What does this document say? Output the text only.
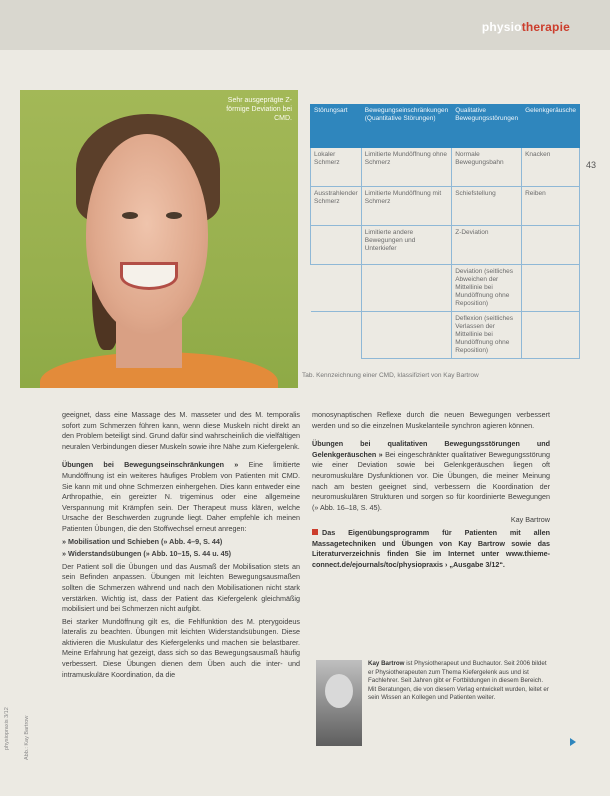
physiotherapie
Sehr ausgeprägte Z-förmige Deviation bei CMD.
43
Störungsart	Bewegungseinschränkungen (Quantitative Störungen)	Qualitative Bewegungsstörungen	Gelenkgeräusche
Lokaler Schmerz	Limitierte Mundöffnung ohne Schmerz	Normale Bewegungsbahn	Knacken
Ausstrahlender Schmerz	Limitierte Mundöffnung mit Schmerz	Schiefstellung	Reiben
	Limitierte andere Bewegungen und Unterkiefer	Z-Deviation	
		Deviation (seitliches Abweichen der Mittellinie bei Mundöffnung ohne Reposition)	
		Deflexion (seitliches Verlassen der Mittellinie bei Mundöffnung ohne Reposition)	
Tab. Kennzeichnung einer CMD, klassifiziert von Kay Bartrow

geeignet, dass eine Massage des M. masseter und des M. temporalis sofort zum Schmerzen führen kann, wenn diese Muskeln nicht direkt an den Problem beteiligt sind. Grund dafür sind wahrscheinlich die vielfältigen neuralen Verbindungen dieser Muskeln sowie ihre Nähe zum Kiefergelenk.

Übungen bei Bewegungseinschränkungen » Eine limitierte Mundöffnung ist ein weiteres häufiges Problem von Patienten mit CMD. Sie kann mit und ohne Schmerzen einhergehen. Dies kann entweder eine Arthropathie, ein gereizter N. trigeminus oder eine allgemeine Verspannung mit Krämpfen sein. Der Therapeut muss klären, welche Ursache der Beschwerden zugrunde liegt. Daher empfehle ich meinen Patienten Übungen, die den Stoffwechsel erneut anregen:

» Mobilisation und Schieben (» Abb. 4–9, S. 44)

» Widerstandsübungen (» Abb. 10–15, S. 44 u. 45)

Der Patient soll die Übungen und das Ausmaß der Mobilisation stets an sein Befinden anpassen. Übungen mit leichten Bewegungsausmaßen sollten die Schmerzen während und nach den Mobilisationen nicht stark verstärken. Wichtig ist, dass der Patient das Kiefergelenk gleichmäßig mobilisiert und bei Schmerzen nicht aufgibt.

Bei starker Mundöffnung gilt es, die Fehlfunktion des M. pterygoideus lateralis zu beachten. Übungen mit leichten Widerstandsübungen. Diese aktivieren die Muskulatur des Kiefergelenks und machen sie belastbarer. Meine Erfahrung hat gezeigt, dass sich so das Bewegungsausmaß häufig verbessert. Diese Übungen dienen dem Üben auch die inter- und intramuskuläre Koordination, da die

monosynaptischen Reflexe durch die neuen Bewegungen verbessert werden und so die einzelnen Muskelanteile synchron agieren können.

Übungen bei qualitativen Bewegungsstörungen und Gelenkgeräuschen » Bei eingeschränkter qualitativer Bewegungsstörung wie einer Deviation sowie bei Gelenkgeräuschen liegen oft neuromuskuläre Dysfunktionen vor. Die Übungen, die meiner Meinung nach am besten geeignet sind, verbessern die Koordination der neuromuskulären Strukturen und sorgen so für koordinierte Bewegungen (» Abb. 16–18, S. 45).

Kay Bartrow

Das Eigenübungsprogramm für Patienten mit allen Massagetechniken und Übungen von Kay Bartrow sowie das Literaturverzeichnis finden Sie im Internet unter www.thieme-connect.de/ejournals/toc/physiopraxis › „Ausgabe 3/12“.

Kay Bartrow ist Physiotherapeut und Buchautor. Seit 2006 bildet er Physiotherapeuten zum Thema Kiefergelenk aus und ist Fachlehrer. Seit Jahren gibt er Fortbildungen in diesem Bereich. Mit Beratungen, die von diesem Verlag entwickelt wurden, leitet er sein Wissen an Kollegen und Patienten weiter.
physiopraxis 3/12	Abb.: Kay Bartrow
